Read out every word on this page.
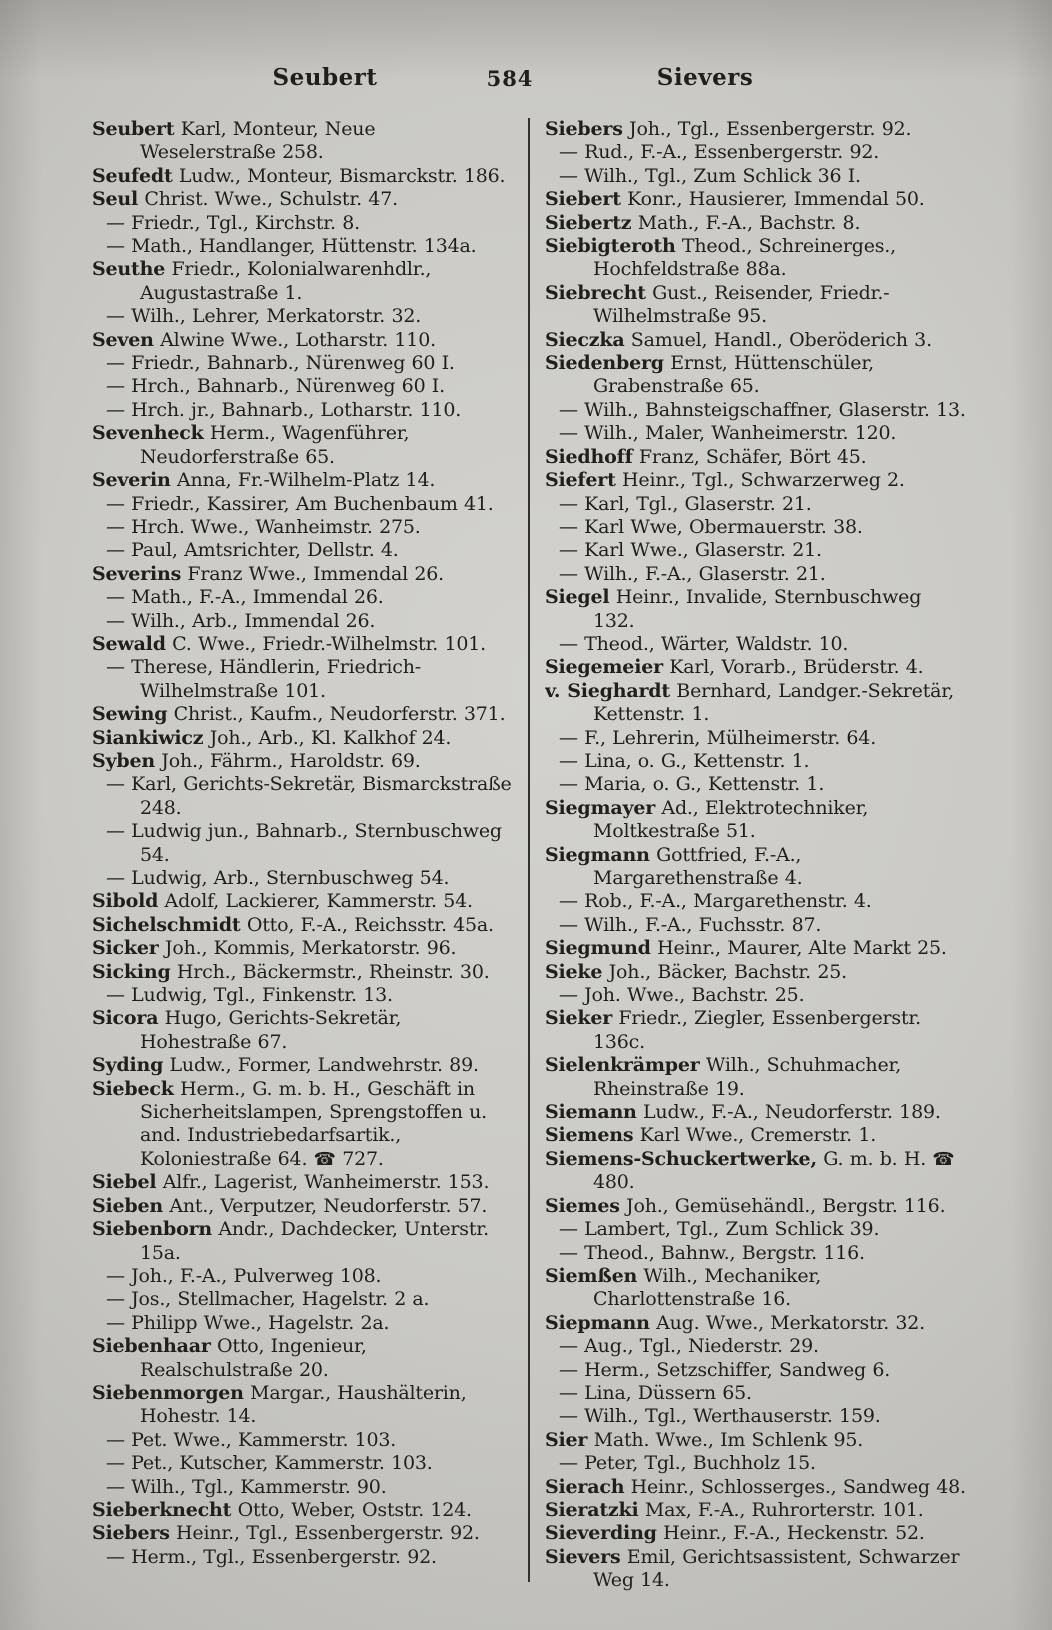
Seubert	584	Sievers

Seubert Karl, Monteur, Neue Weselerstraße 258.

Seufedt Ludw., Monteur, Bismarckstr. 186.

Seul Christ. Wwe., Schulstr. 47.

— Friedr., Tgl., Kirchstr. 8.

— Math., Handlanger, Hüttenstr. 134a.

Seuthe Friedr., Kolonialwarenhdlr., Augustastraße 1.

— Wilh., Lehrer, Merkatorstr. 32.

Seven Alwine Wwe., Lotharstr. 110.

— Friedr., Bahnarb., Nürenweg 60 I.

— Hrch., Bahnarb., Nürenweg 60 I.

— Hrch. jr., Bahnarb., Lotharstr. 110.

Sevenheck Herm., Wagenführer, Neudorferstraße 65.

Severin Anna, Fr.-Wilhelm-Platz 14.

— Friedr., Kassirer, Am Buchenbaum 41.

— Hrch. Wwe., Wanheimstr. 275.

— Paul, Amtsrichter, Dellstr. 4.

Severins Franz Wwe., Immendal 26.

— Math., F.-A., Immendal 26.

— Wilh., Arb., Immendal 26.

Sewald C. Wwe., Friedr.-Wilhelmstr. 101.

— Therese, Händlerin, Friedrich-Wilhelmstraße 101.

Sewing Christ., Kaufm., Neudorferstr. 371.

Siankiwicz Joh., Arb., Kl. Kalkhof 24.

Syben Joh., Fährm., Haroldstr. 69.

— Karl, Gerichts-Sekretär, Bismarckstraße 248.

— Ludwig jun., Bahnarb., Sternbuschweg 54.

— Ludwig, Arb., Sternbuschweg 54.

Sibold Adolf, Lackierer, Kammerstr. 54.

Sichelschmidt Otto, F.-A., Reichsstr. 45a.

Sicker Joh., Kommis, Merkatorstr. 96.

Sicking Hrch., Bäckermstr., Rheinstr. 30.

— Ludwig, Tgl., Finkenstr. 13.

Sicora Hugo, Gerichts-Sekretär, Hohestraße 67.

Syding Ludw., Former, Landwehrstr. 89.

Siebeck Herm., G. m. b. H., Geschäft in Sicherheitslampen, Sprengstoffen u. and. Industriebedarfsartik., Koloniestraße 64. ☎ 727.

Siebel Alfr., Lagerist, Wanheimerstr. 153.

Sieben Ant., Verputzer, Neudorferstr. 57.

Siebenborn Andr., Dachdecker, Unterstr. 15a.

— Joh., F.-A., Pulverweg 108.

— Jos., Stellmacher, Hagelstr. 2 a.

— Philipp Wwe., Hagelstr. 2a.

Siebenhaar Otto, Ingenieur, Realschulstraße 20.

Siebenmorgen Margar., Haushälterin, Hohestr. 14.

— Pet. Wwe., Kammerstr. 103.

— Pet., Kutscher, Kammerstr. 103.

— Wilh., Tgl., Kammerstr. 90.

Sieberknecht Otto, Weber, Oststr. 124.

Siebers Heinr., Tgl., Essenbergerstr. 92.

— Herm., Tgl., Essenbergerstr. 92.

Siebers Joh., Tgl., Essenbergerstr. 92.

— Rud., F.-A., Essenbergerstr. 92.

— Wilh., Tgl., Zum Schlick 36 I.

Siebert Konr., Hausierer, Immendal 50.

Siebertz Math., F.-A., Bachstr. 8.

Siebigteroth Theod., Schreinerges., Hochfeldstraße 88a.

Siebrecht Gust., Reisender, Friedr.-Wilhelmstraße 95.

Sieczka Samuel, Handl., Oberöderich 3.

Siedenberg Ernst, Hüttenschüler, Grabenstraße 65.

— Wilh., Bahnsteigschaffner, Glaserstr. 13.

— Wilh., Maler, Wanheimerstr. 120.

Siedhoff Franz, Schäfer, Bört 45.

Siefert Heinr., Tgl., Schwarzerweg 2.

— Karl, Tgl., Glaserstr. 21.

— Karl Wwe, Obermauerstr. 38.

— Karl Wwe., Glaserstr. 21.

— Wilh., F.-A., Glaserstr. 21.

Siegel Heinr., Invalide, Sternbuschweg 132.

— Theod., Wärter, Waldstr. 10.

Siegemeier Karl, Vorarb., Brüderstr. 4.

v. Sieghardt Bernhard, Landger.-Sekretär, Kettenstr. 1.

— F., Lehrerin, Mülheimerstr. 64.

— Lina, o. G., Kettenstr. 1.

— Maria, o. G., Kettenstr. 1.

Siegmayer Ad., Elektrotechniker, Moltkestraße 51.

Siegmann Gottfried, F.-A., Margarethenstraße 4.

— Rob., F.-A., Margarethenstr. 4.

— Wilh., F.-A., Fuchsstr. 87.

Siegmund Heinr., Maurer, Alte Markt 25.

Sieke Joh., Bäcker, Bachstr. 25.

— Joh. Wwe., Bachstr. 25.

Sieker Friedr., Ziegler, Essenbergerstr. 136c.

Sielenkrämper Wilh., Schuhmacher, Rheinstraße 19.

Siemann Ludw., F.-A., Neudorferstr. 189.

Siemens Karl Wwe., Cremerstr. 1.

Siemens-Schuckertwerke, G. m. b. H. ☎ 480.

Siemes Joh., Gemüsehändl., Bergstr. 116.

— Lambert, Tgl., Zum Schlick 39.

— Theod., Bahnw., Bergstr. 116.

Siemßen Wilh., Mechaniker, Charlottenstraße 16.

Siepmann Aug. Wwe., Merkatorstr. 32.

— Aug., Tgl., Niederstr. 29.

— Herm., Setzschiffer, Sandweg 6.

— Lina, Düssern 65.

— Wilh., Tgl., Werthauserstr. 159.

Sier Math. Wwe., Im Schlenk 95.

— Peter, Tgl., Buchholz 15.

Sierach Heinr., Schlosserges., Sandweg 48.

Sieratzki Max, F.-A., Ruhrorterstr. 101.

Sieverding Heinr., F.-A., Heckenstr. 52.

Sievers Emil, Gerichtsassistent, Schwarzer Weg 14.
